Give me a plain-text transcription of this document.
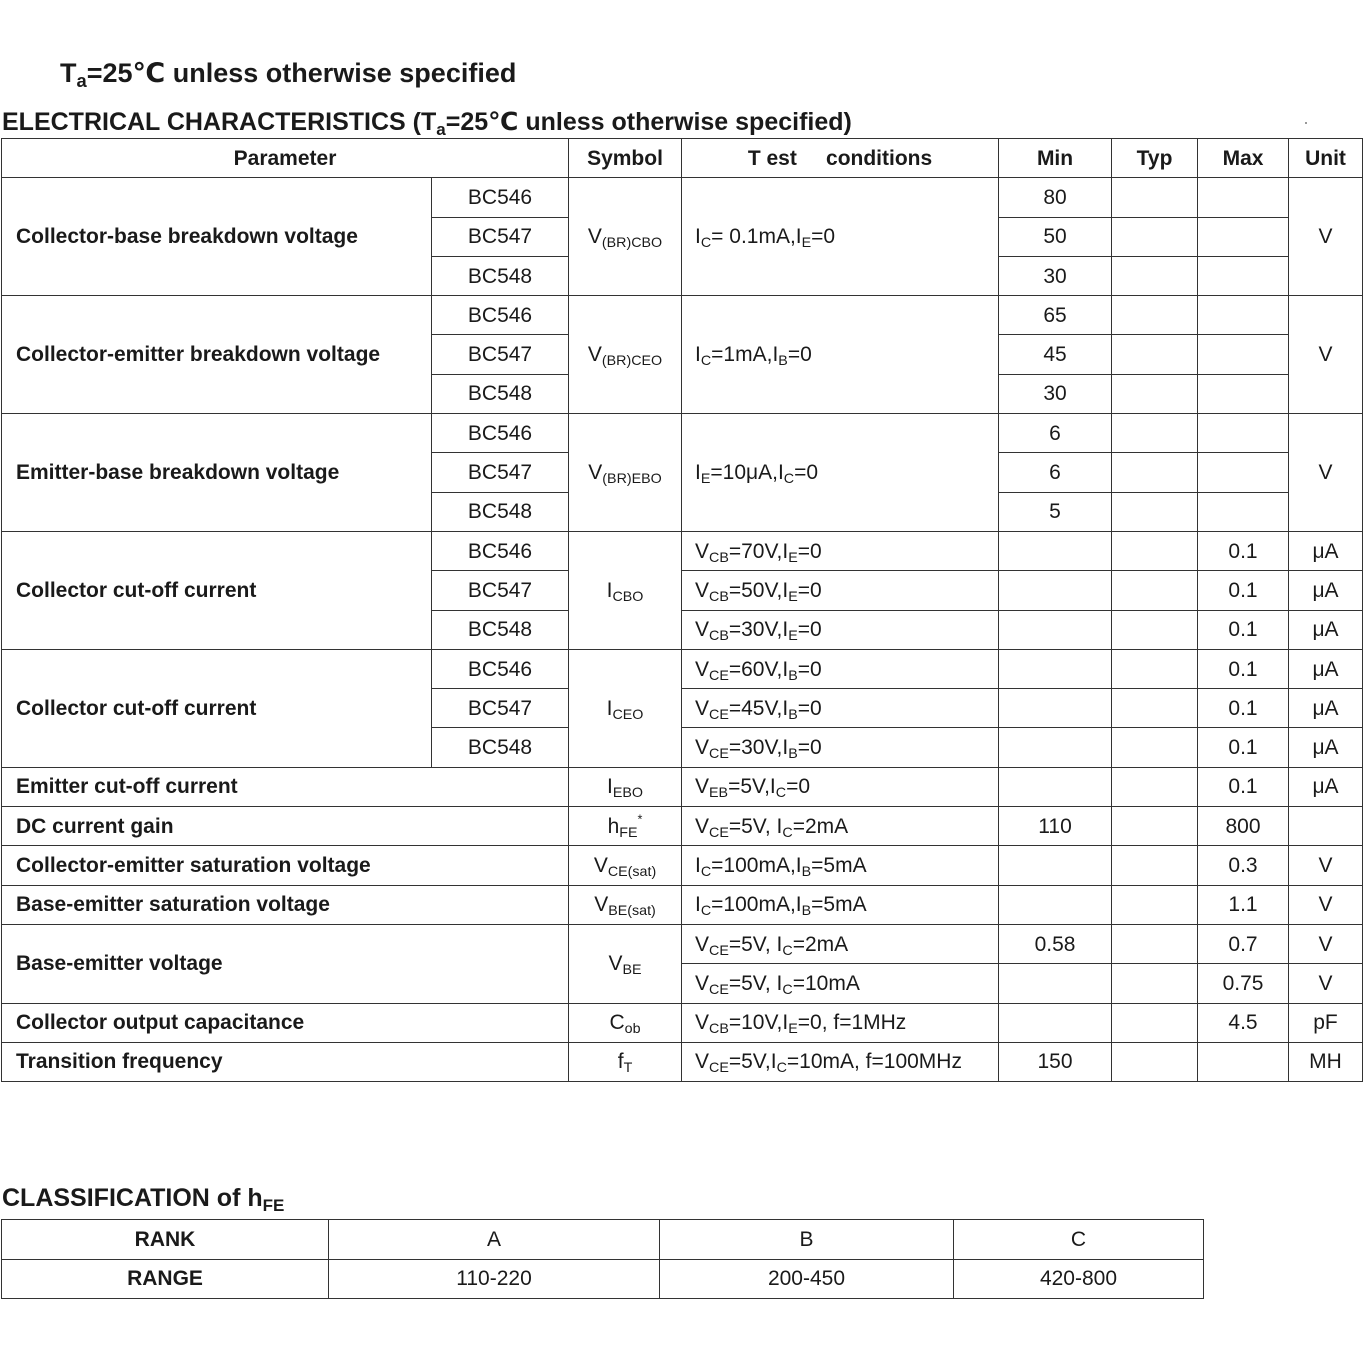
$T_a=25℃$ unless otherwise specified
ELECTRICAL CHARACTERISTICS ($T_a=25℃$ unless otherwise specified)
Parameter		Symbol	T est     conditions	Min	Typ	Max	Unit
Collector-base breakdown voltage	BC546	$V_{(BR)CBO}$	$I_C= 0.1mA,I_E=0$	80			V
	BC547			50			
	BC548			30			
Collector-emitter breakdown voltage	BC546	$V_{(BR)CEO}$	$I_C=1mA,I_B=0$	65			V
	BC547			45			
	BC548			30			
Emitter-base breakdown voltage	BC546	$V_{(BR)EBO}$	$I_E=10\mu A,I_C=0$	6			V
	BC547			6			
	BC548			5			
Collector cut-off current	BC546	$I_{CBO}$	$V_{CB}=70V,I_E=0$			0.1	μA
	BC547		$V_{CB}=50V,I_E=0$			0.1	μA
	BC548		$V_{CB}=30V,I_E=0$			0.1	μA
Collector cut-off current	BC546	$I_{CEO}$	$V_{CE}=60V,I_B=0$			0.1	μA
	BC547		$V_{CE}=45V,I_B=0$			0.1	μA
	BC548		$V_{CE}=30V,I_B=0$			0.1	μA
Emitter cut-off current		$I_{EBO}$	$V_{EB}=5V,I_C=0$			0.1	μA
DC current gain		$h_{FE}^*$	$V_{CE}=5V$, $I_C=2mA$	110		800	
Collector-emitter saturation voltage		$V_{CE(sat)}$	$I_C=100mA,I_B=5mA$			0.3	V
Base-emitter saturation voltage		$V_{BE(sat)}$	$I_C=100mA,I_B=5mA$			1.1	V
Base-emitter voltage		$V_{BE}$	$V_{CE}=5V$, $I_C=2mA$	0.58		0.7	V
			$V_{CE}=5V$, $I_C=10mA$			0.75	V
Collector output capacitance		$C_{ob}$	$V_{CB}=10V,I_E=0$, f=1MHz			4.5	pF
Transition frequency		$f_T$	$V_{CE}=5V,I_C=10mA$, f=100MHz	150			MH
CLASSIFICATION of $h_{FE}$
RANK	A	B	C
RANGE	110-220	200-450	420-800
